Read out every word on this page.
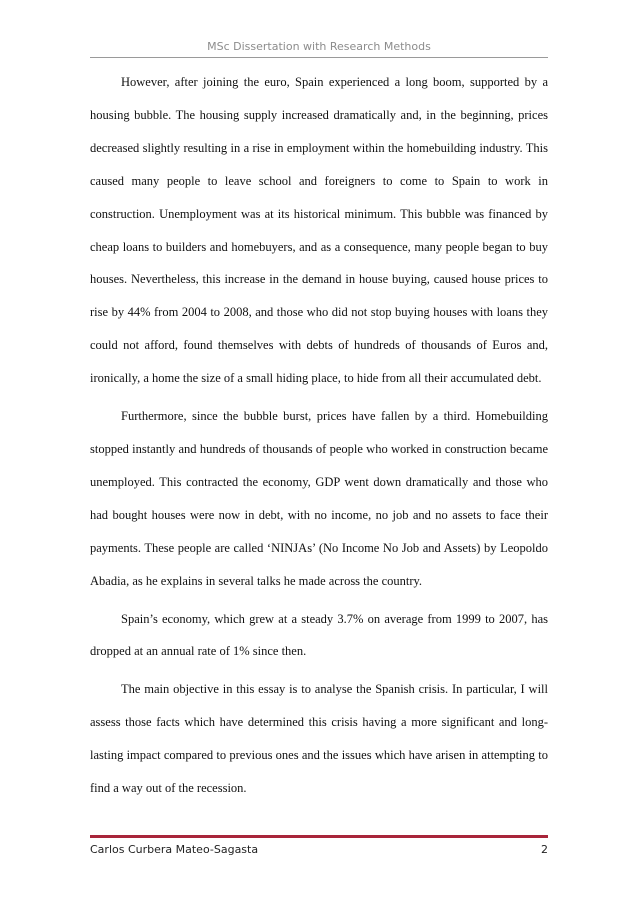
MSc Dissertation with Research Methods

However, after joining the euro, Spain experienced a long boom, supported by a housing bubble. The housing supply increased dramatically and, in the beginning, prices decreased slightly resulting in a rise in employment within the homebuilding industry. This caused many people to leave school and foreigners to come to Spain to work in construction. Unemployment was at its historical minimum. This bubble was financed by cheap loans to builders and homebuyers, and as a consequence, many people began to buy houses. Nevertheless, this increase in the demand in house buying, caused house prices to rise by 44% from 2004 to 2008, and those who did not stop buying houses with loans they could not afford, found themselves with debts of hundreds of thousands of Euros and, ironically, a home the size of a small hiding place, to hide from all their accumulated debt.

Furthermore, since the bubble burst, prices have fallen by a third. Homebuilding stopped instantly and hundreds of thousands of people who worked in construction became unemployed. This contracted the economy, GDP went down dramatically and those who had bought houses were now in debt, with no income, no job and no assets to face their payments. These people are called ‘NINJAs’ (No Income No Job and Assets) by Leopoldo Abadia, as he explains in several talks he made across the country.

Spain’s economy, which grew at a steady 3.7% on average from 1999 to 2007, has dropped at an annual rate of 1% since then.

The main objective in this essay is to analyse the Spanish crisis. In particular, I will assess those facts which have determined this crisis having a more significant and long-lasting impact compared to previous ones and the issues which have arisen in attempting to find a way out of the recession.

Carlos Curbera Mateo-Sagasta	2
